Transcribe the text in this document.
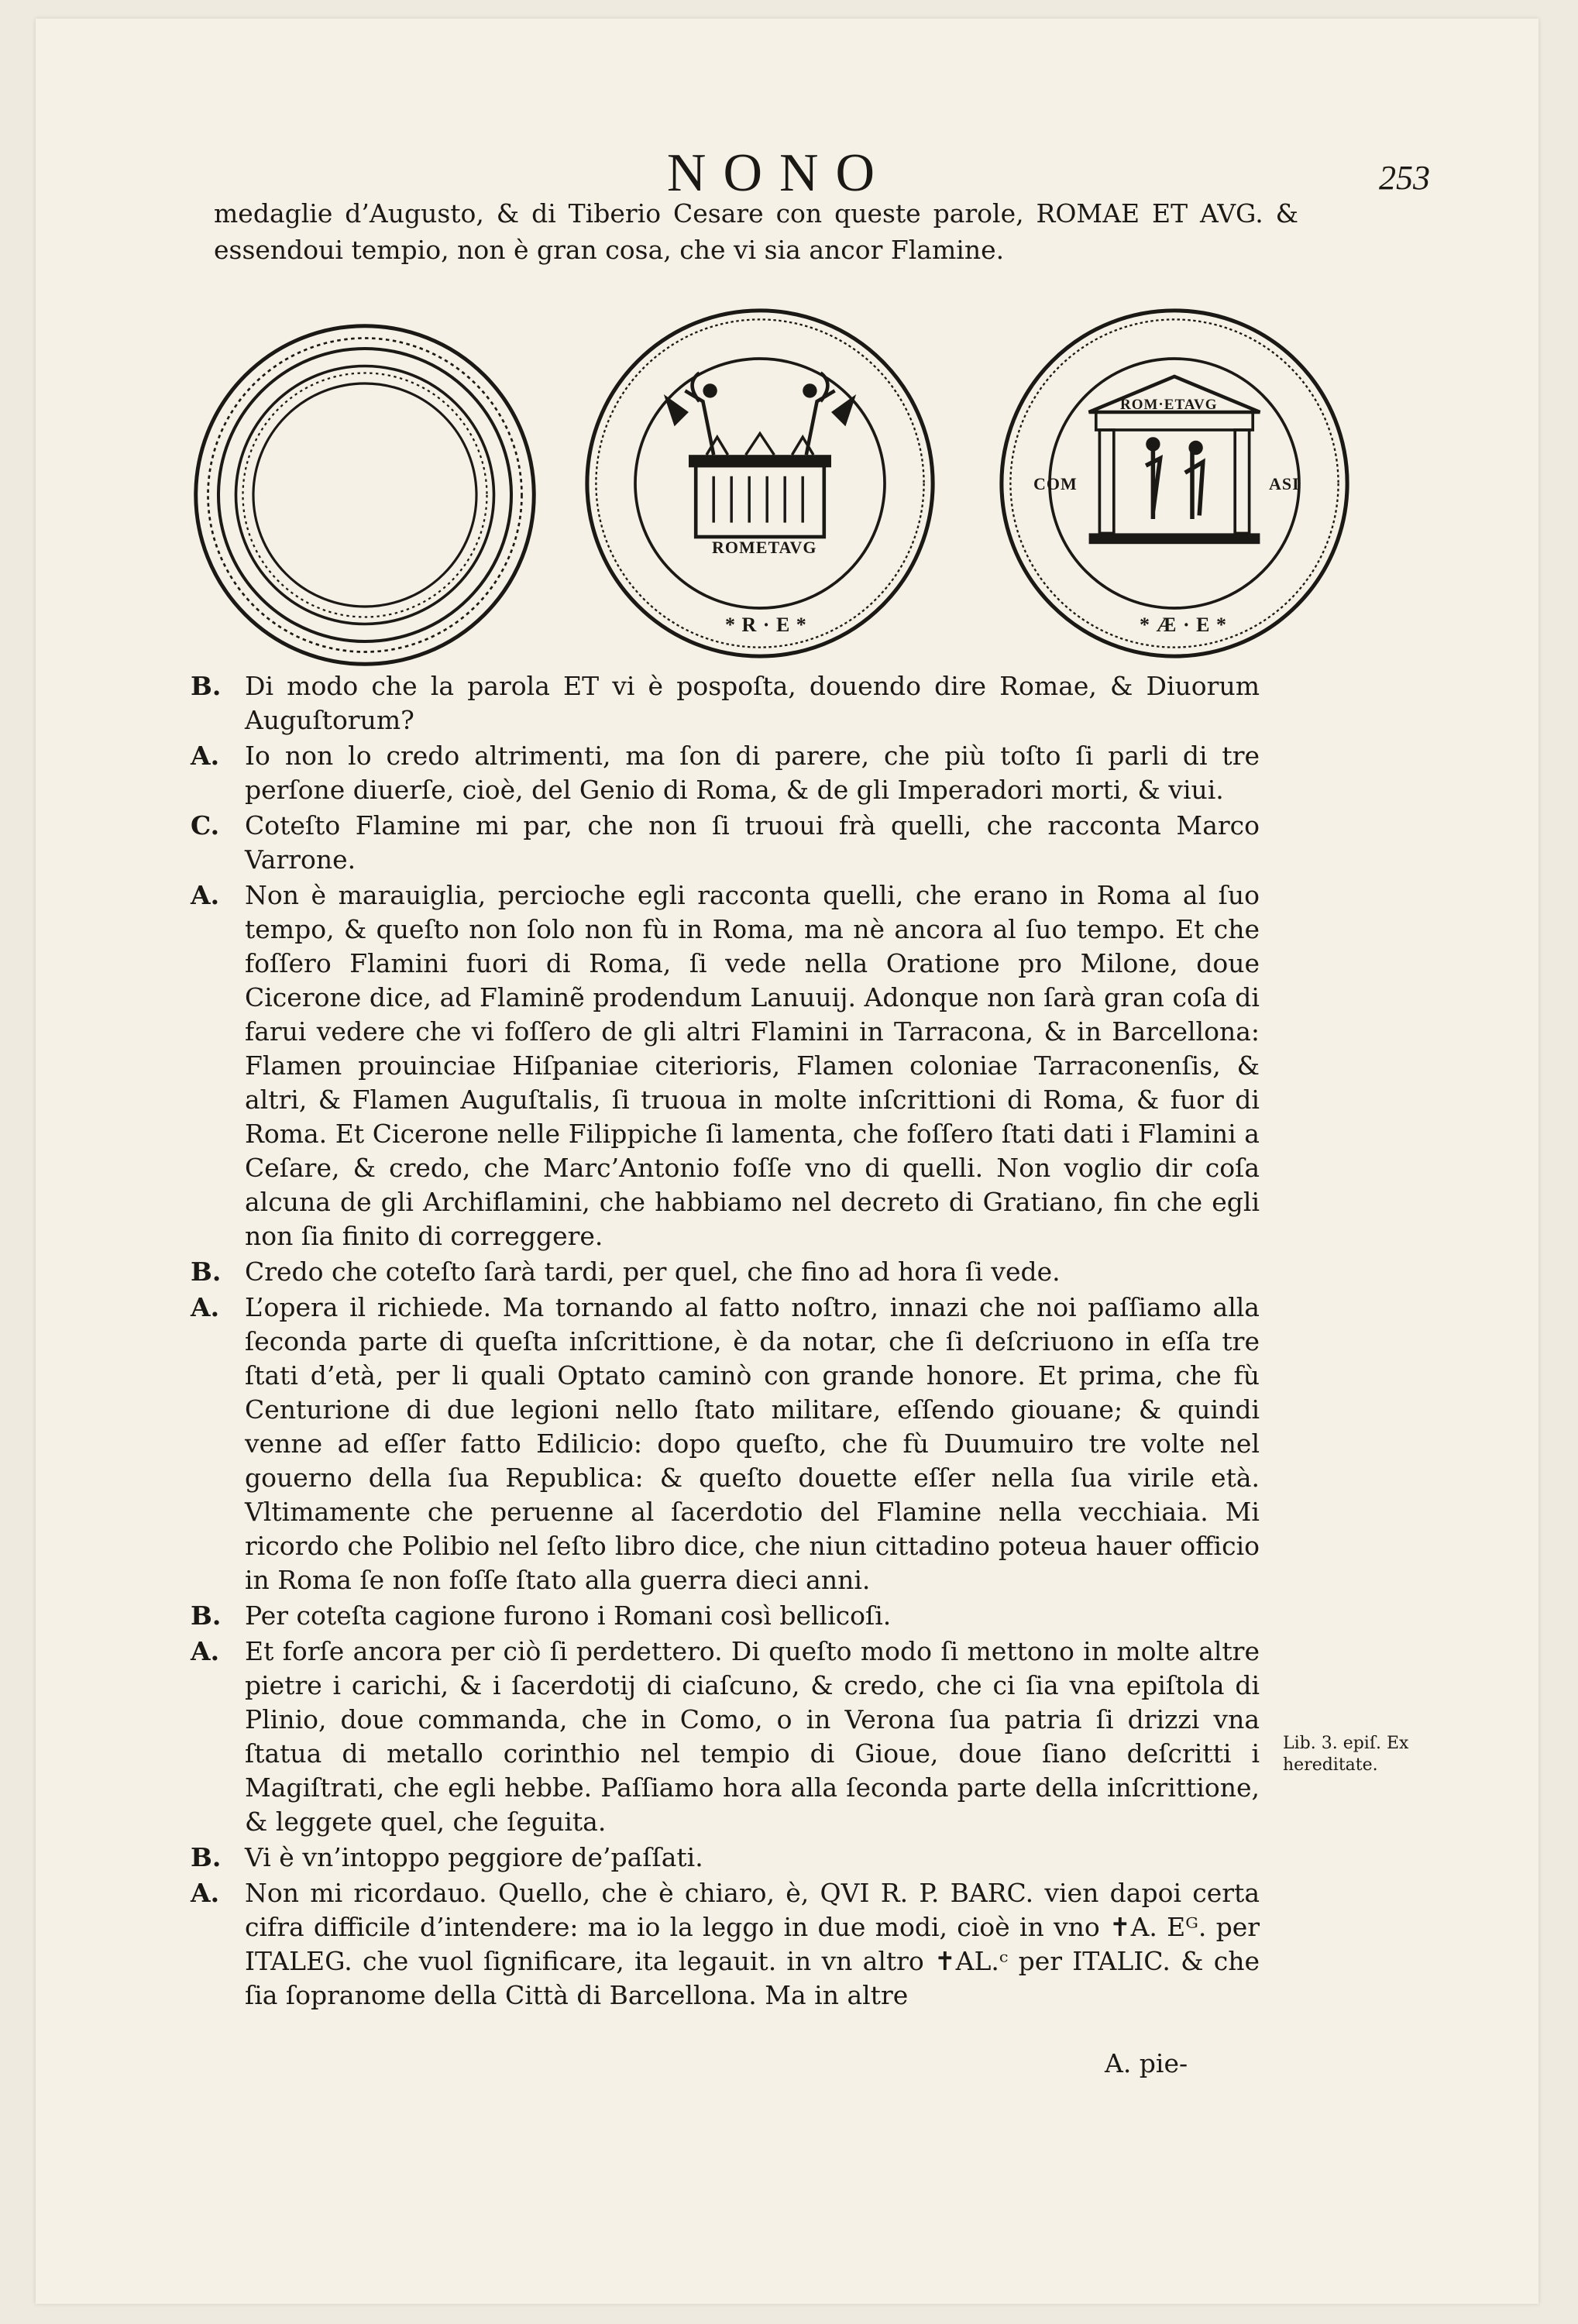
NONO	253
medaglie d’Augusto, & di Tiberio Cesare con queste parole, ROMAE ET AVG. & essendoui tempio, non è gran cosa, che vi sia ancor Flamine.
ROMETAVG
* R · E *
ROM·ETAVG
COM	ASI
* Æ · E *
B. Di modo che la parola ET vi è pospoſta, douendo dire Romae, & Diuorum Auguſtorum?
A. Io non lo credo altrimenti, ma ſon di parere, che più toſto ſi parli di tre perſone diuerſe, cioè, del Genio di Roma, & de gli Imperadori morti, & viui.
C. Coteſto Flamine mi par, che non ſi truoui frà quelli, che racconta Marco Varrone.
A. Non è marauiglia, percioche egli racconta quelli, che erano in Roma al ſuo tempo, & queſto non ſolo non fù in Roma, ma nè ancora al ſuo tempo. Et che foſſero Flamini fuori di Roma, ſi vede nella Oratione pro Milone, doue Cicerone dice, ad Flaminẽ prodendum Lanuuij. Adonque non ſarà gran coſa di farui vedere che vi foſſero de gli altri Flamini in Tarracona, & in Barcellona: Flamen prouinciae Hiſpaniae citerioris, Flamen coloniae Tarraconenſis, & altri, & Flamen Auguſtalis, ſi truoua in molte inſcrittioni di Roma, & fuor di Roma. Et Cicerone nelle Filippiche ſi lamenta, che foſſero ſtati dati i Flamini a Ceſare, & credo, che Marc’Antonio foſſe vno di quelli. Non voglio dir coſa alcuna de gli Archiflamini, che habbiamo nel decreto di Gratiano, fin che egli non ſia finito di correggere.
B. Credo che coteſto ſarà tardi, per quel, che fino ad hora ſi vede.
A. L’opera il richiede. Ma tornando al fatto noſtro, innazi che noi paſſiamo alla ſeconda parte di queſta inſcrittione, è da notar, che ſi deſcriuono in eſſa tre ſtati d’età, per li quali Optato caminò con grande honore. Et prima, che fù Centurione di due legioni nello ſtato militare, eſſendo giouane; & quindi venne ad eſſer fatto Edilicio: dopo queſto, che fù Duumuiro tre volte nel gouerno della ſua Republica: & queſto douette eſſer nella ſua virile età. Vltimamente che peruenne al ſacerdotio del Flamine nella vecchiaia. Mi ricordo che Polibio nel ſeſto libro dice, che niun cittadino poteua hauer officio in Roma ſe non foſſe ſtato alla guerra dieci anni.
B. Per coteſta cagione furono i Romani così bellicoſi.
A. Et forſe ancora per ciò ſi perdettero. Di queſto modo ſi mettono in molte altre pietre i carichi, & i ſacerdotij di ciaſcuno, & credo, che ci ſia vna epiſtola di Plinio, doue commanda, che in Como, o in Verona ſua patria ſi drizzi vna ſtatua di metallo corinthio nel tempio di Gioue, doue ſiano deſcritti i Magiſtrati, che egli hebbe. Paſſiamo hora alla ſeconda parte della inſcrittione, & leggete quel, che ſeguita.
B. Vi è vn’intoppo peggiore de’paſſati.
A. Non mi ricordauo. Quello, che è chiaro, è, QVI R. P. BARC. vien dapoi certa cifra difficile d’intendere: ma io la leggo in due modi, cioè in vno ✝A. Eᴳ. per ITALEG. che vuol ſignificare, ita legauit. in vn altro ✝AL.ᶜ per ITALIC. & che ſia ſopranome della Città di Barcellona. Ma in altre
Lib. 3. epiſ. Ex hereditate.
A. pie-
